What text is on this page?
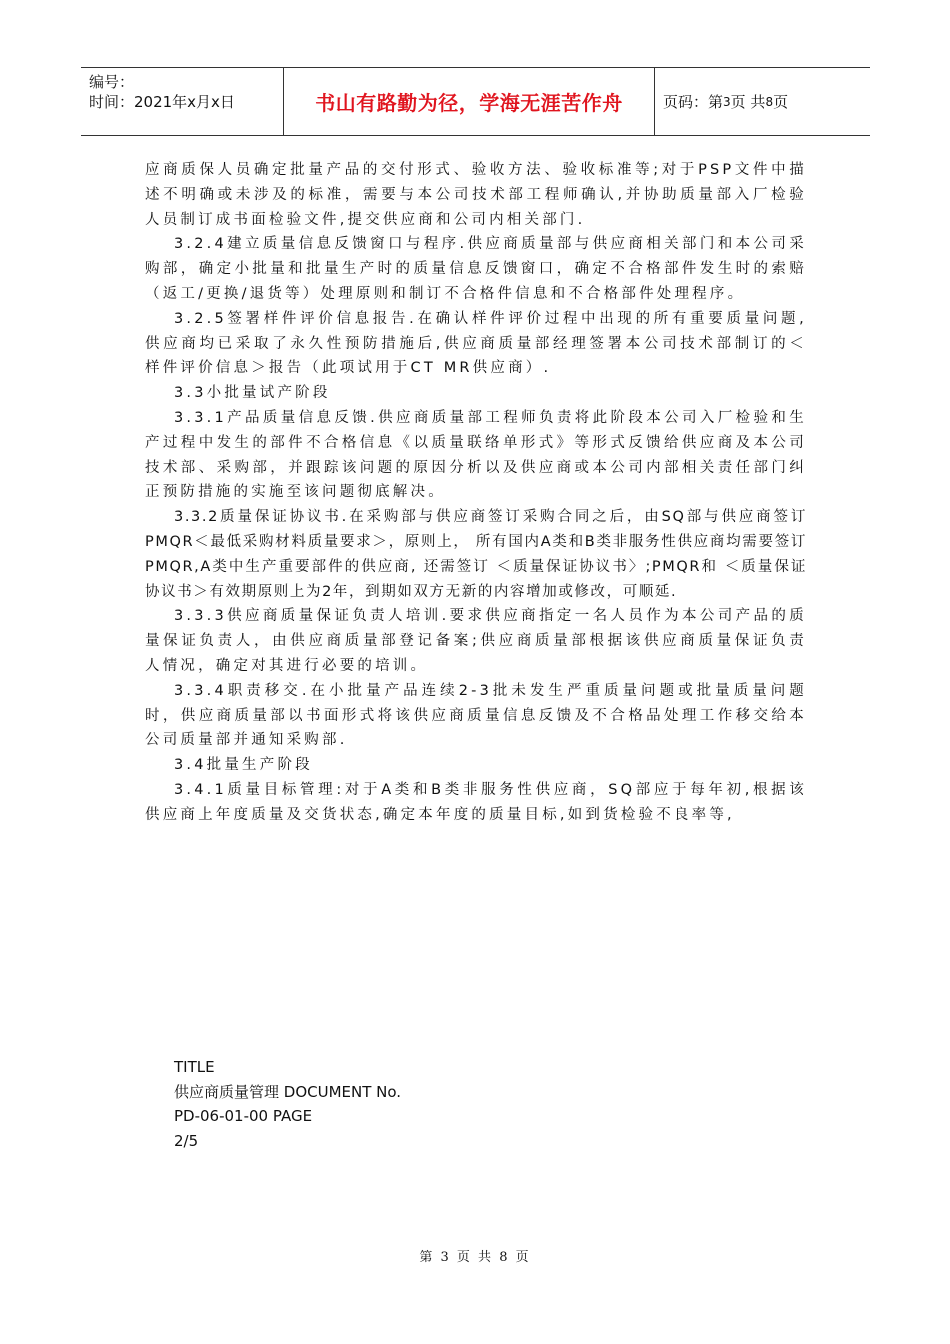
编号：
时间：2021年x月x日	书山有路勤为径，学海无涯苦作舟	页码：第 3 页 共 8 页

应商质保人员确定批量产品的交付形式、验收方法、验收标准等;对于PSP文件中描述不明确或未涉及的标准，需要与本公司技术部工程师确认,并协助质量部入厂检验人员制订成书面检验文件,提交供应商和公司内相关部门.

3.2.4建立质量信息反馈窗口与程序.供应商质量部与供应商相关部门和本公司采购部，确定小批量和批量生产时的质量信息反馈窗口，确定不合格部件发生时的索赔（返工/更换/退货等）处理原则和制订不合格件信息和不合格部件处理程序。

3.2.5签署样件评价信息报告.在确认样件评价过程中出现的所有重要质量问题,供应商均已采取了永久性预防措施后,供应商质量部经理签署本公司技术部制订的＜样件评价信息＞报告（此项试用于CT MR供应商）.

3.3小批量试产阶段

3.3.1产品质量信息反馈.供应商质量部工程师负责将此阶段本公司入厂检验和生产过程中发生的部件不合格信息《以质量联络单形式》等形式反馈给供应商及本公司技术部、采购部，并跟踪该问题的原因分析以及供应商或本公司内部相关责任部门纠正预防措施的实施至该问题彻底解决。

3.3.2质量保证协议书.在采购部与供应商签订采购合同之后，由SQ部与供应商签订PMQR＜最低采购材料质量要求＞，原则上， 所有国内A类和B类非服务性供应商均需要签订 PMQR,A类中生产重要部件的供应商, 还需签订 ＜质量保证协议书〉;PMQR和 ＜质量保证协议书＞有效期原则上为2年，到期如双方无新的内容增加或修改，可顺延.

3.3.3供应商质量保证负责人培训.要求供应商指定一名人员作为本公司产品的质量保证负责人，由供应商质量部登记备案;供应商质量部根据该供应商质量保证负责人情况，确定对其进行必要的培训。

3.3.4职责移交.在小批量产品连续2-3批未发生严重质量问题或批量质量问题时，供应商质量部以书面形式将该供应商质量信息反馈及不合格品处理工作移交给本公司质量部并通知采购部.

3.4批量生产阶段

3.4.1质量目标管理:对于A类和B类非服务性供应商，SQ部应于每年初,根据该供应商上年度质量及交货状态,确定本年度的质量目标,如到货检验不良率等,

TITLE
供应商质量管理 DOCUMENT No.
PD-06-01-00 PAGE
2/5
第 3 页 共 8 页
